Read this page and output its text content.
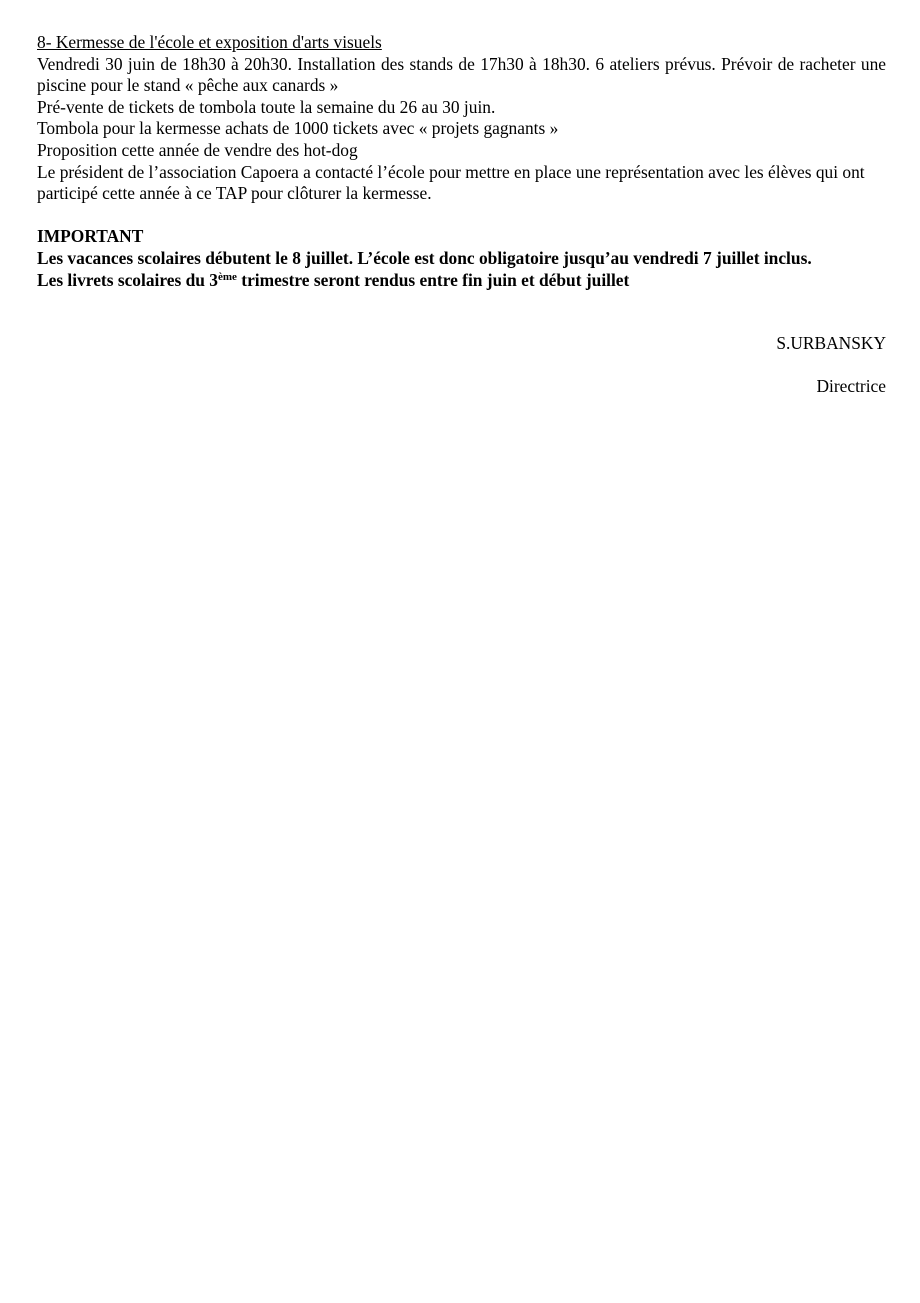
8- Kermesse de l'école et exposition d'arts visuels

Vendredi 30 juin de 18h30 à 20h30. Installation des stands de 17h30 à 18h30. 6 ateliers prévus. Prévoir de racheter une piscine pour le stand « pêche aux canards »

Pré-vente de tickets de tombola toute la semaine du 26 au 30 juin.

Tombola pour la kermesse achats de 1000 tickets avec « projets gagnants »

Proposition cette année de vendre des hot-dog

Le président de l’association Capoera a contacté l’école pour mettre en place une représentation avec les élèves qui ont participé cette année à ce TAP pour clôturer la kermesse.

IMPORTANT

Les vacances scolaires débutent le 8 juillet. L’école est donc obligatoire jusqu’au vendredi 7 juillet inclus.

Les livrets scolaires du 3ème trimestre seront rendus entre fin juin et début juillet

S.URBANSKY
Directrice
